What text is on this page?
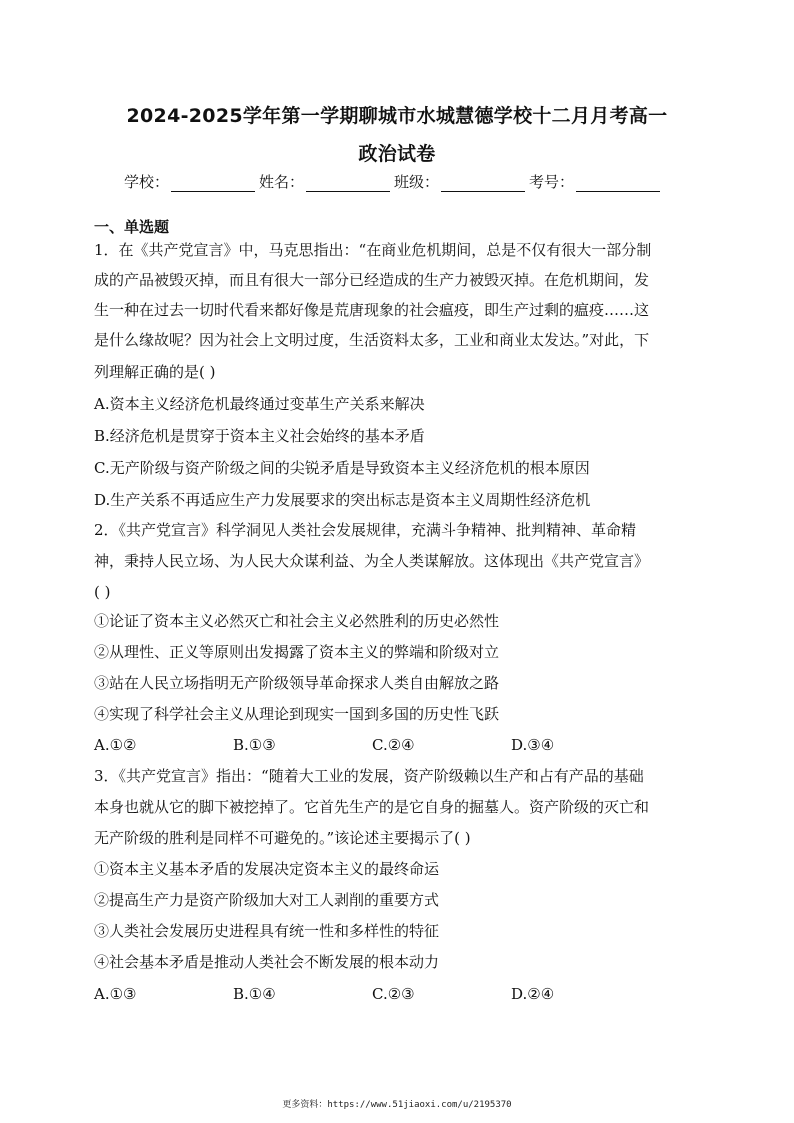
2024-2025学年第一学期聊城市水城慧德学校十二月月考高一
政治试卷
学校：	姓名：	班级：	考号：
一、单选题
1．在《共产党宣言》中，马克思指出：“在商业危机期间，总是不仅有很大一部分制
成的产品被毁灭掉，而且有很大一部分已经造成的生产力被毁灭掉。在危机期间，发
生一种在过去一切时代看来都好像是荒唐现象的社会瘟疫，即生产过剩的瘟疫……这
是什么缘故呢？因为社会上文明过度，生活资料太多，工业和商业太发达。”对此，下
列理解正确的是( )
A.资本主义经济危机最终通过变革生产关系来解决
B.经济危机是贯穿于资本主义社会始终的基本矛盾
C.无产阶级与资产阶级之间的尖锐矛盾是导致资本主义经济危机的根本原因
D.生产关系不再适应生产力发展要求的突出标志是资本主义周期性经济危机
2．《共产党宣言》科学洞见人类社会发展规律，充满斗争精神、批判精神、革命精
神，秉持人民立场、为人民大众谋利益、为全人类谋解放。这体现出《共产党宣言》
( )
①论证了资本主义必然灭亡和社会主义必然胜利的历史必然性
②从理性、正义等原则出发揭露了资本主义的弊端和阶级对立
③站在人民立场指明无产阶级领导革命探求人类自由解放之路
④实现了科学社会主义从理论到现实一国到多国的历史性飞跃
A.①②	B.①③	C.②④	D.③④
3．《共产党宣言》指出：“随着大工业的发展，资产阶级赖以生产和占有产品的基础
本身也就从它的脚下被挖掉了。它首先生产的是它自身的掘墓人。资产阶级的灭亡和
无产阶级的胜利是同样不可避免的。”该论述主要揭示了( )
①资本主义基本矛盾的发展决定资本主义的最终命运
②提高生产力是资产阶级加大对工人剥削的重要方式
③人类社会发展历史进程具有统一性和多样性的特征
④社会基本矛盾是推动人类社会不断发展的根本动力
A.①③	B.①④	C.②③	D.②④
更多资料：https://www.51jiaoxi.com/u/2195370
